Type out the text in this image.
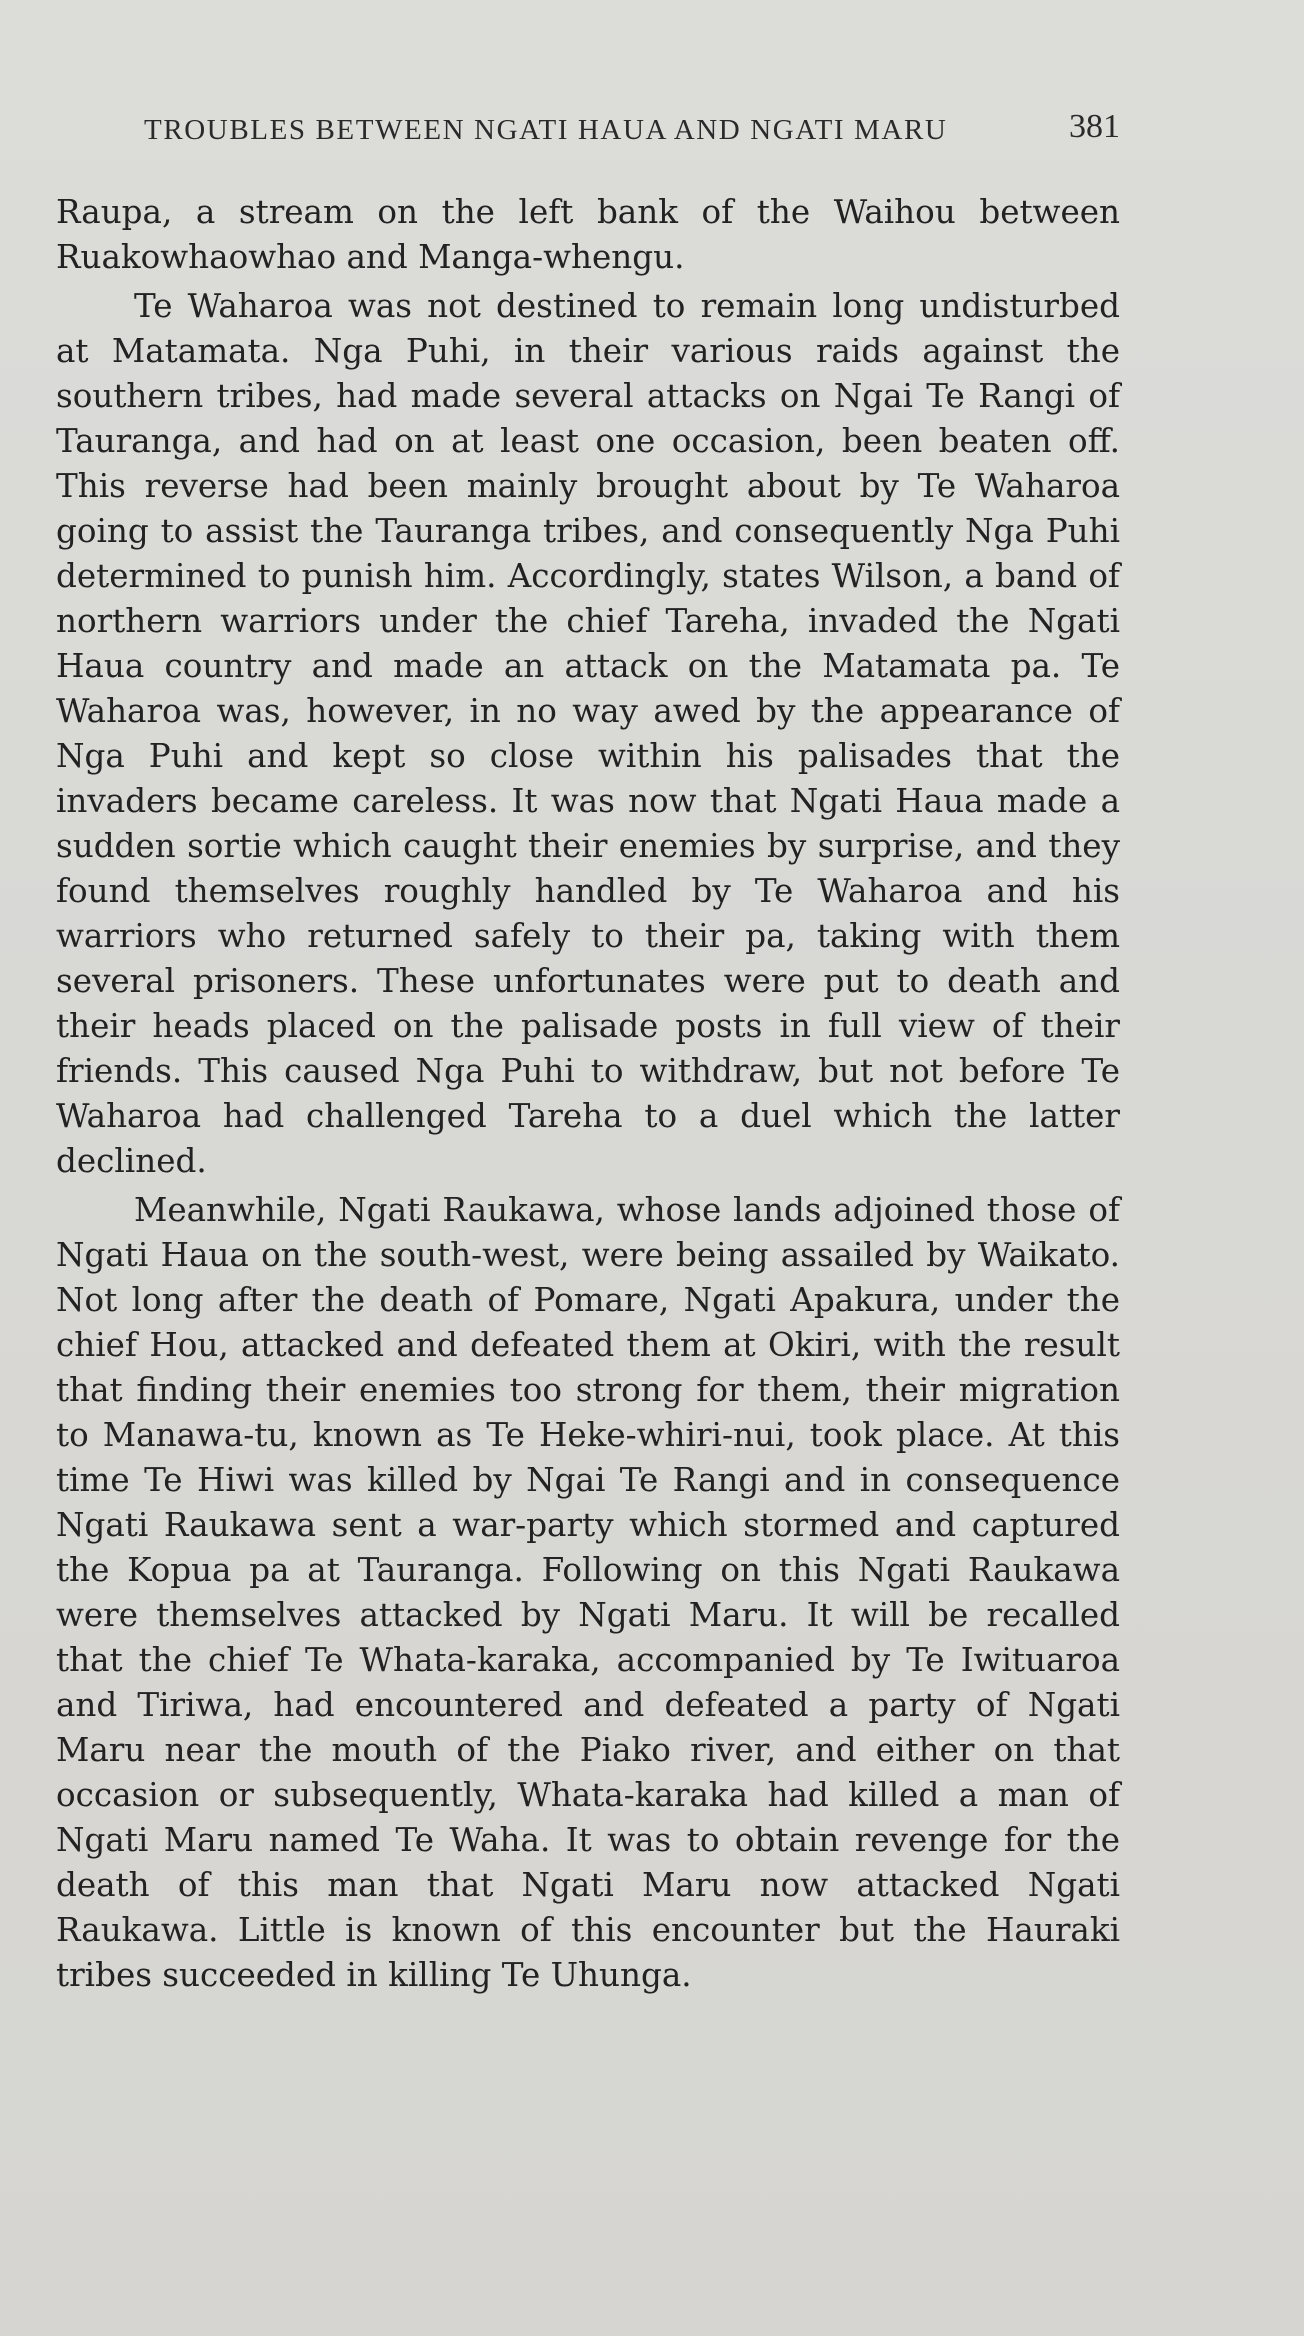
TROUBLES BETWEEN NGATI HAUA AND NGATI MARU	381

Raupa, a stream on the left bank of the Waihou between Ruakowhaowhao and Manga-whengu.

Te Waharoa was not destined to remain long undisturbed at Matamata. Nga Puhi, in their various raids against the southern tribes, had made several attacks on Ngai Te Rangi of Tauranga, and had on at least one occasion, been beaten off. This reverse had been mainly brought about by Te Waharoa going to assist the Tauranga tribes, and consequently Nga Puhi determined to punish him. Accordingly, states Wilson, a band of northern warriors under the chief Tareha, invaded the Ngati Haua country and made an attack on the Matamata pa. Te Waharoa was, however, in no way awed by the appearance of Nga Puhi and kept so close within his palisades that the invaders became careless. It was now that Ngati Haua made a sudden sortie which caught their enemies by surprise, and they found themselves roughly handled by Te Waharoa and his warriors who returned safely to their pa, taking with them several prisoners. These unfortunates were put to death and their heads placed on the palisade posts in full view of their friends. This caused Nga Puhi to withdraw, but not before Te Waharoa had challenged Tareha to a duel which the latter declined.

Meanwhile, Ngati Raukawa, whose lands adjoined those of Ngati Haua on the south-west, were being assailed by Waikato. Not long after the death of Pomare, Ngati Apakura, under the chief Hou, attacked and defeated them at Okiri, with the result that finding their enemies too strong for them, their migration to Manawa-tu, known as Te Heke-whiri-nui, took place. At this time Te Hiwi was killed by Ngai Te Rangi and in consequence Ngati Raukawa sent a war-party which stormed and captured the Kopua pa at Tauranga. Following on this Ngati Raukawa were themselves attacked by Ngati Maru. It will be recalled that the chief Te Whata-karaka, accompanied by Te Iwituaroa and Tiriwa, had encountered and defeated a party of Ngati Maru near the mouth of the Piako river, and either on that occasion or subsequently, Whata-karaka had killed a man of Ngati Maru named Te Waha. It was to obtain revenge for the death of this man that Ngati Maru now attacked Ngati Raukawa. Little is known of this encounter but the Hauraki tribes succeeded in killing Te Uhunga.
